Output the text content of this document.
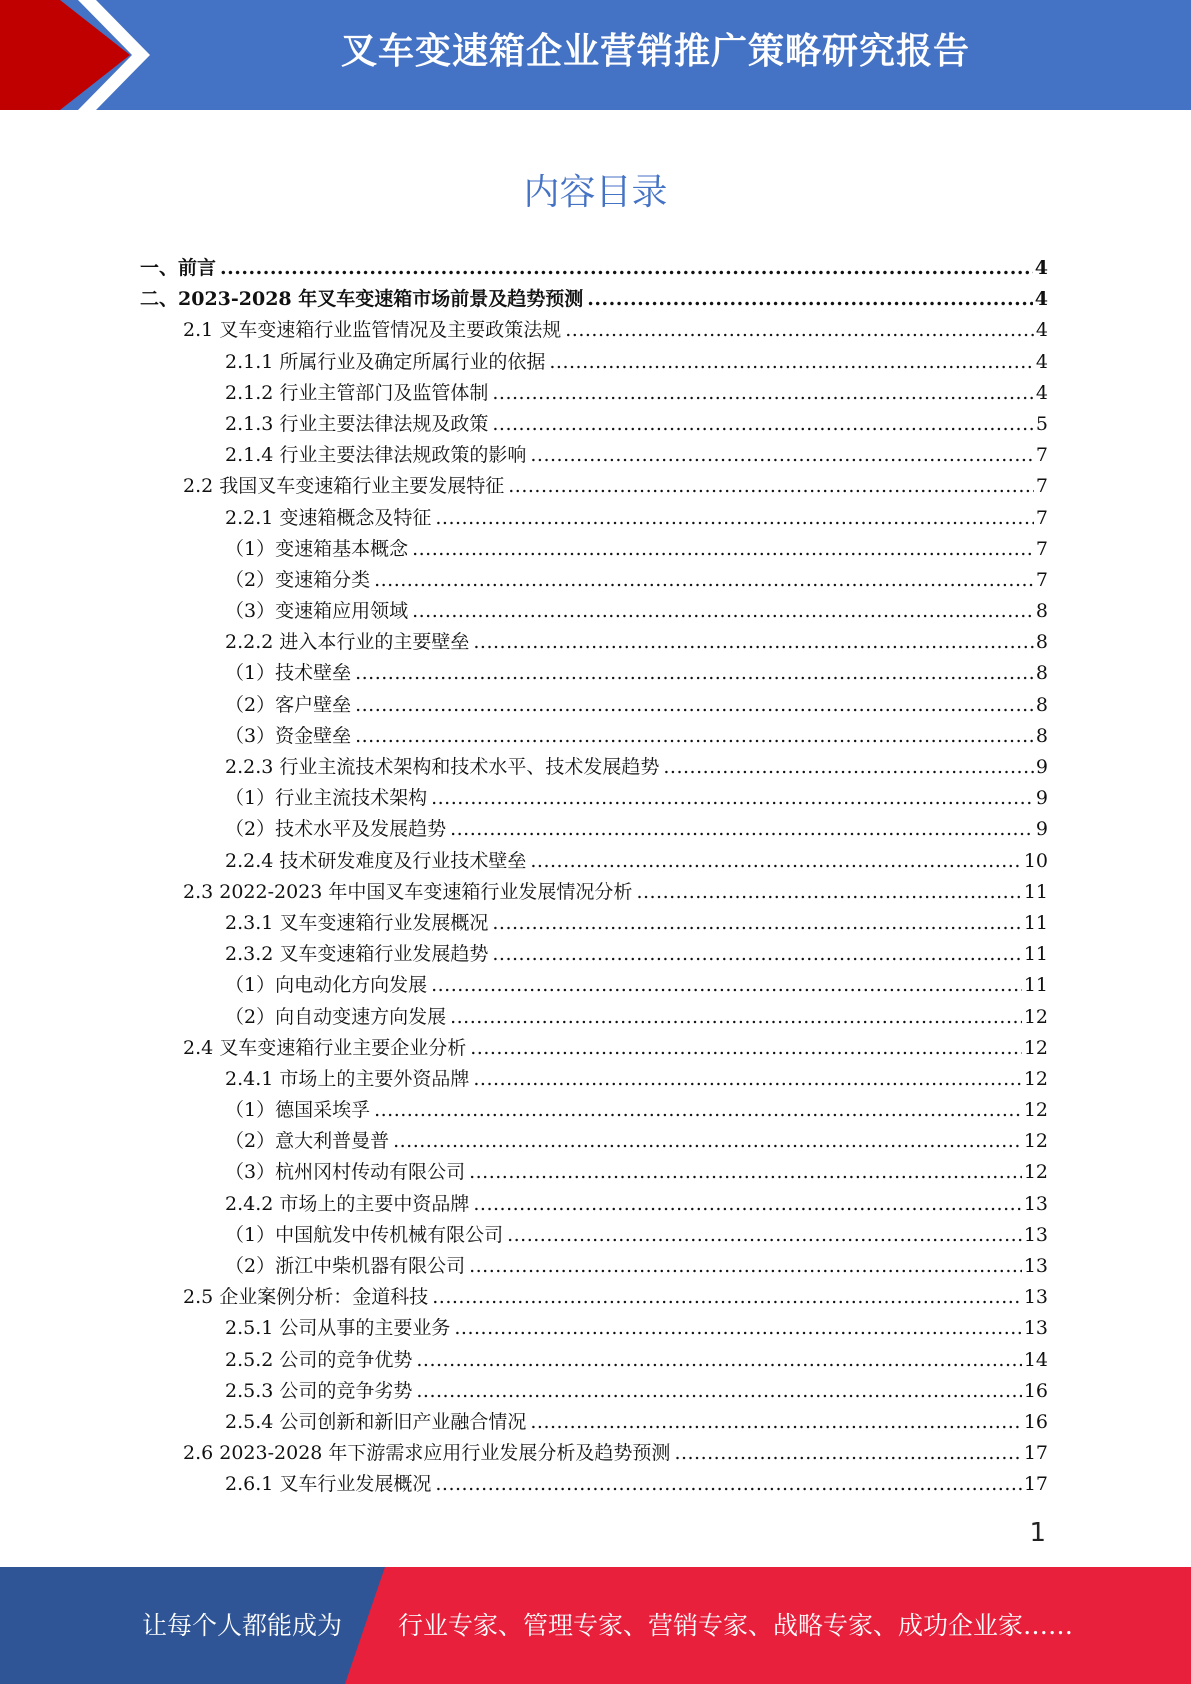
叉车变速箱企业营销推广策略研究报告
内容目录
一、前言 .....	4
二、2023-2028 年叉车变速箱市场前景及趋势预测 .....	4
2.1 叉车变速箱行业监管情况及主要政策法规 .....	4
2.1.1 所属行业及确定所属行业的依据 .....	4
2.1.2 行业主管部门及监管体制 .....	4
2.1.3 行业主要法律法规及政策 .....	5
2.1.4 行业主要法律法规政策的影响 .....	7
2.2 我国叉车变速箱行业主要发展特征 .....	7
2.2.1 变速箱概念及特征 .....	7
（1）变速箱基本概念 .....	7
（2）变速箱分类 .....	7
（3）变速箱应用领域 .....	8
2.2.2 进入本行业的主要壁垒 .....	8
（1）技术壁垒 .....	8
（2）客户壁垒 .....	8
（3）资金壁垒 .....	8
2.2.3 行业主流技术架构和技术水平、技术发展趋势 .....	9
（1）行业主流技术架构 .....	9
（2）技术水平及发展趋势 .....	9
2.2.4 技术研发难度及行业技术壁垒 .....	10
2.3 2022-2023 年中国叉车变速箱行业发展情况分析 .....	11
2.3.1 叉车变速箱行业发展概况 .....	11
2.3.2 叉车变速箱行业发展趋势 .....	11
（1）向电动化方向发展 .....	11
（2）向自动变速方向发展 .....	12
2.4 叉车变速箱行业主要企业分析 .....	12
2.4.1 市场上的主要外资品牌 .....	12
（1）德国采埃孚 .....	12
（2）意大利普曼普 .....	12
（3）杭州冈村传动有限公司 .....	12
2.4.2 市场上的主要中资品牌 .....	13
（1）中国航发中传机械有限公司 .....	13
（2）浙江中柴机器有限公司 .....	13
2.5 企业案例分析：金道科技 .....	13
2.5.1 公司从事的主要业务 .....	13
2.5.2 公司的竞争优势 .....	14
2.5.3 公司的竞争劣势 .....	16
2.5.4 公司创新和新旧产业融合情况 .....	16
2.6 2023-2028 年下游需求应用行业发展分析及趋势预测 .....	17
2.6.1 叉车行业发展概况 .....	17
1
让每个人都能成为 行业专家、管理专家、营销专家、战略专家、成功企业家……
